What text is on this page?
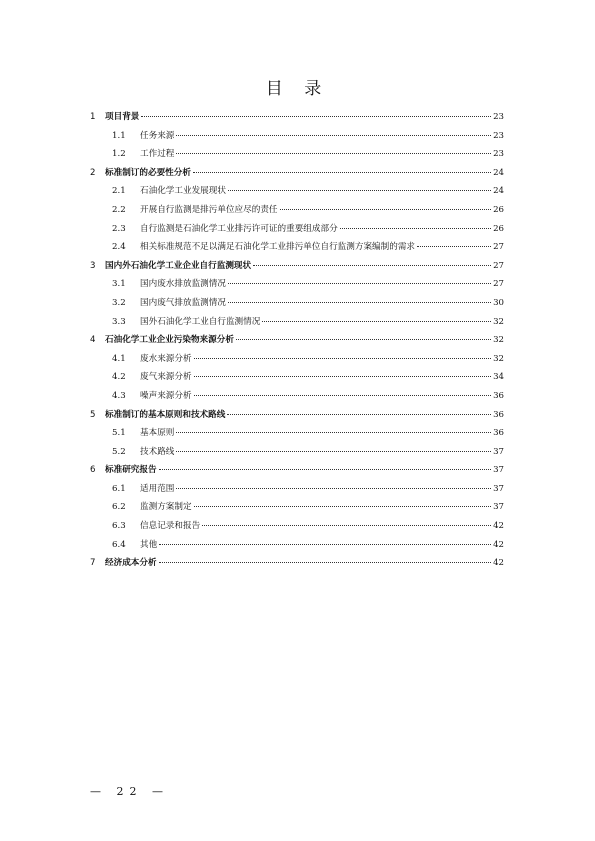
目 录
1	项目背景	23
1.1	任务来源	23
1.2	工作过程	23
2	标准制订的必要性分析	24
2.1	石油化学工业发展现状	24
2.2	开展自行监测是排污单位应尽的责任	26
2.3	自行监测是石油化学工业排污许可证的重要组成部分	26
2.4	相关标准规范不足以满足石油化学工业排污单位自行监测方案编制的需求	27
3	国内外石油化学工业企业自行监测现状	27
3.1	国内废水排放监测情况	27
3.2	国内废气排放监测情况	30
3.3	国外石油化学工业自行监测情况	32
4	石油化学工业企业污染物来源分析	32
4.1	废水来源分析	32
4.2	废气来源分析	34
4.3	噪声来源分析	36
5	标准制订的基本原则和技术路线	36
5.1	基本原则	36
5.2	技术路线	37
6	标准研究报告	37
6.1	适用范围	37
6.2	监测方案制定	37
6.3	信息记录和报告	42
6.4	其他	42
7	经济成本分析	42
— 22 —
